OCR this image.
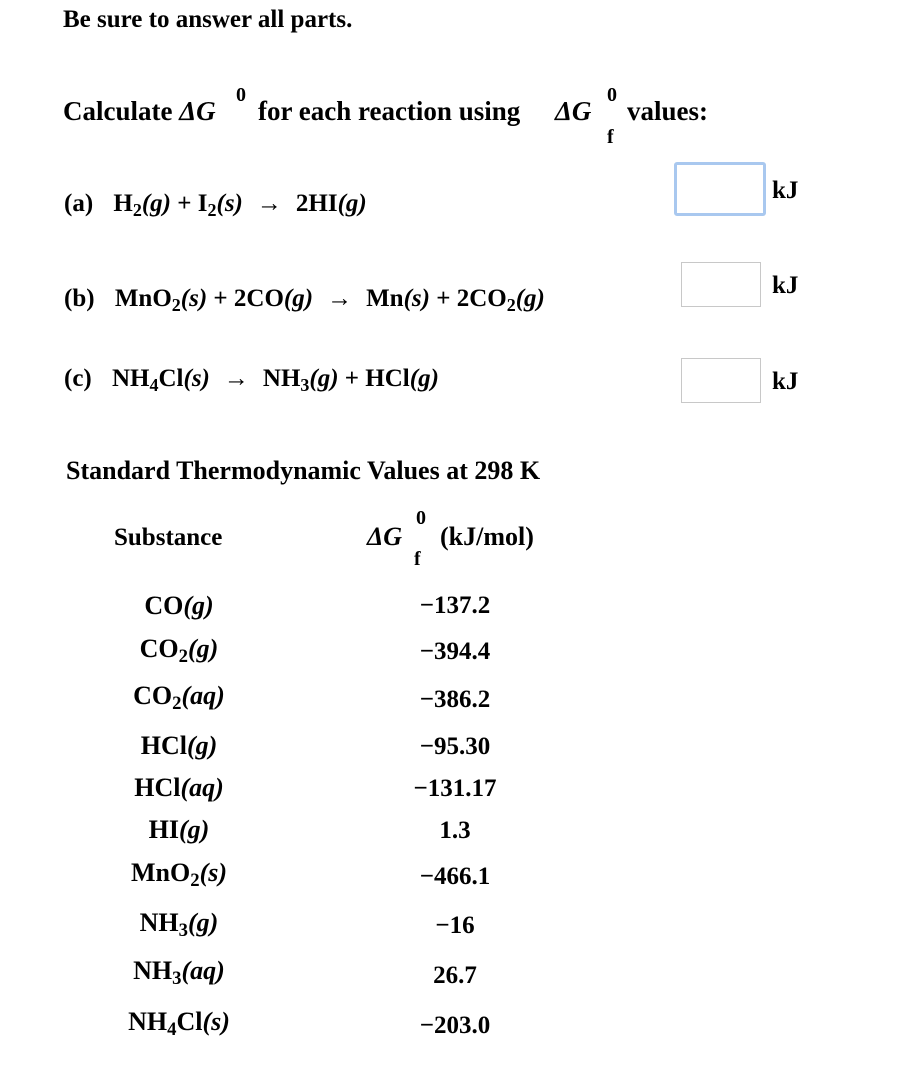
Be sure to answer all parts.
Calculate ΔG
0
for each reaction using ΔG
0
f
values:
(a) $H_2(g) + I_2(s) \to 2HI(g)$	kJ
(b) $MnO_2(s) + 2CO(g) \to Mn(s) + 2CO_2(g)$	kJ
(c) $NH_4Cl(s) \to NH_3(g) + HCl(g)$	kJ
Standard Thermodynamic Values at 298 K
Substance	ΔG
0
f
(kJ/mol)
CO(g)	−137.2
$CO_2(g)$	−394.4
$CO_2(aq)$	−386.2
HCl(g)	−95.30
HCl(aq)	−131.17
HI(g)	1.3
MnO$_2$(s)	−466.1
$NH_3(g)$	−16
$NH_3(aq)$	26.7
$NH_4Cl(s)$	−203.0
